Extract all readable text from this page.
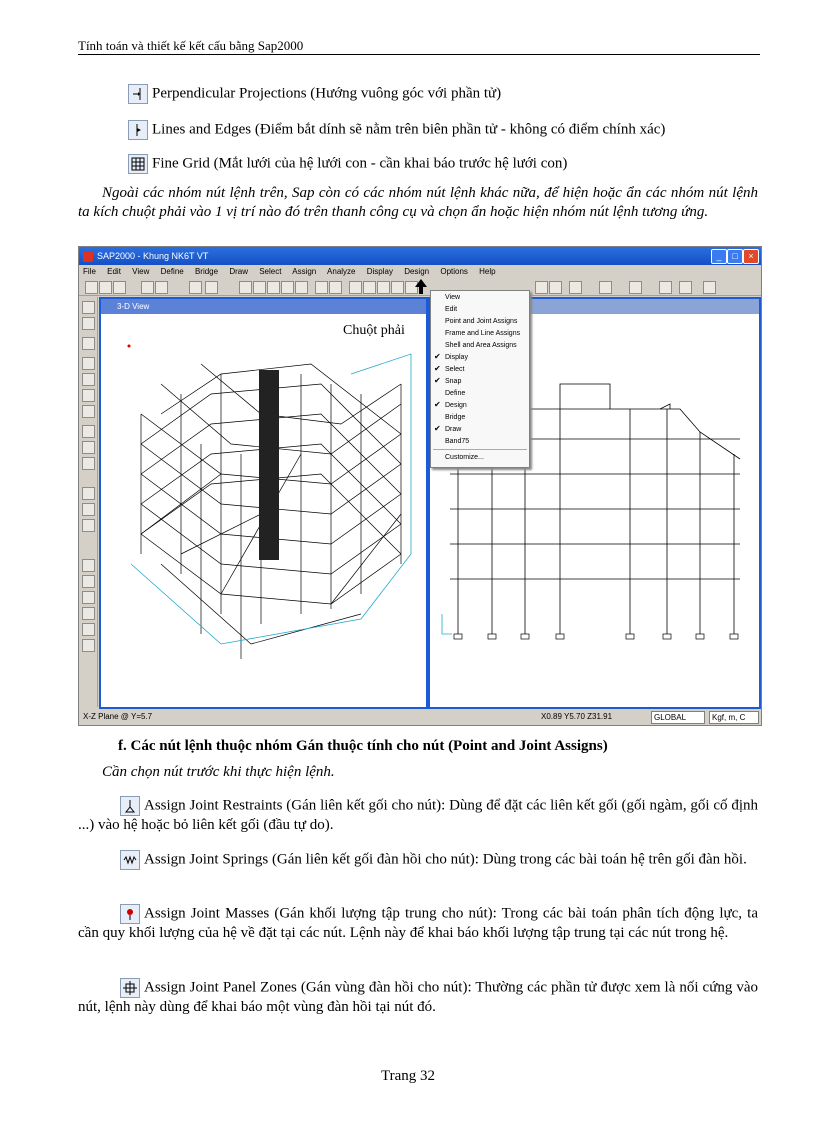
Tính toán và thiết kế kết cấu bằng Sap2000
Perpendicular Projections (Hướng vuông góc với phần tử)
Lines and Edges (Điểm bắt dính sẽ nằm trên biên phần tử - không có điểm chính xác)
Fine Grid (Mắt lưới của hệ lưới con - cần khai báo trước hệ lưới con)
Ngoài các nhóm nút lệnh trên, Sap còn có các nhóm nút lệnh khác nữa, để hiện hoặc ẩn các nhóm nút lệnh ta kích chuột phải vào 1 vị trí nào đó trên thanh công cụ và chọn ẩn hoặc hiện nhóm nút lệnh tương ứng.
SAP2000 - Khung NK6T VT	_	□	×
File Edit View Define Bridge Draw Select Assign Analyze Display Design Options Help
3-D View
Chuột phải
View
Edit
Point and Joint Assigns
Frame and Line Assigns
Shell and Area Assigns
✔ Display
✔ Select
✔ Snap
Define
✔ Design
Bridge
✔ Draw
Band75
Customize...
X-Z Plane @ Y=5.7	X0.89 Y5.70 Z31.91	GLOBAL	Kgf, m, C
f. Các nút lệnh thuộc nhóm Gán thuộc tính cho nút (Point and Joint Assigns)
Cần chọn nút trước khi thực hiện lệnh.
Assign Joint Restraints (Gán liên kết gối cho nút): Dùng để đặt các liên kết gối (gối ngàm, gối cố định ...) vào hệ hoặc bỏ liên kết gối (đầu tự do).
Assign Joint Springs (Gán liên kết gối đàn hồi cho nút): Dùng trong các bài toán hệ trên gối đàn hồi.
Assign Joint Masses (Gán khối lượng tập trung cho nút): Trong các bài toán phân tích động lực, ta cần quy khối lượng của hệ về đặt tại các nút. Lệnh này để khai báo khối lượng tập trung tại các nút trong hệ.
Assign Joint Panel Zones (Gán vùng đàn hồi cho nút): Thường các phần tử được xem là nối cứng vào nút, lệnh này dùng để khai báo một vùng đàn hồi tại nút đó.
Trang 32
